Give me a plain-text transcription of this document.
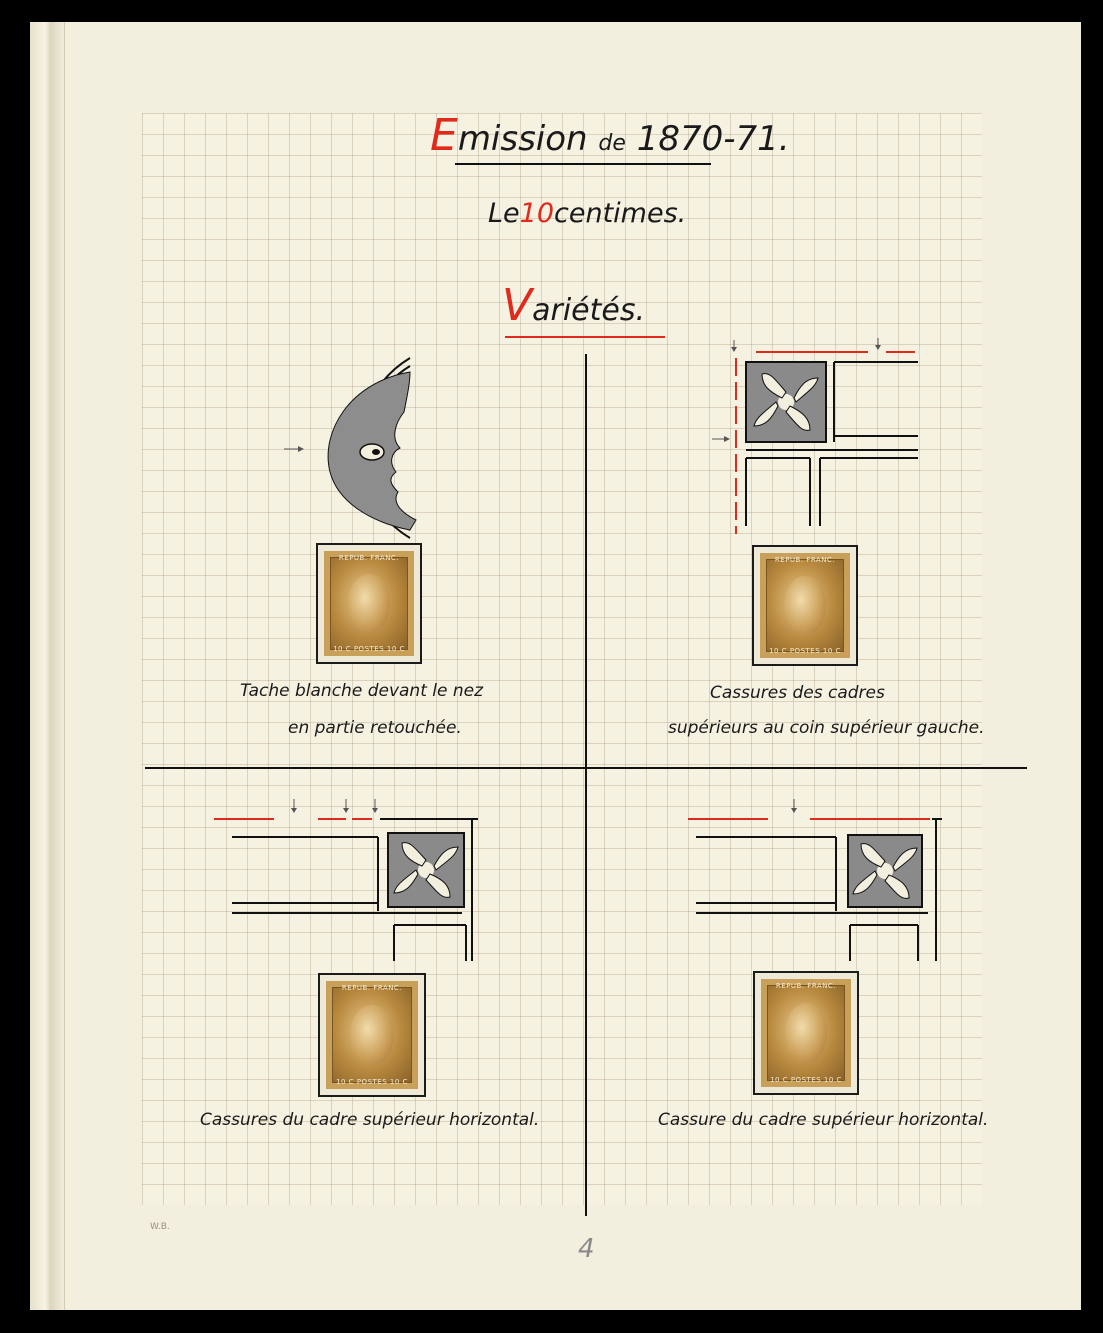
Emission de 1870-71.
Le10centimes.
Variétés.
REPUB. FRANC.
10 C POSTES 10 C
REPUB. FRANC.
10 C POSTES 10 C
REPUB. FRANC.
10 C POSTES 10 C
REPUB. FRANC.
10 C POSTES 10 C
Tache blanche devant le nez
en partie retouchée.
Cassures des cadres
supérieurs au coin supérieur gauche.
Cassures du cadre supérieur horizontal.	Cassure du cadre supérieur horizontal.
W.B.
4
